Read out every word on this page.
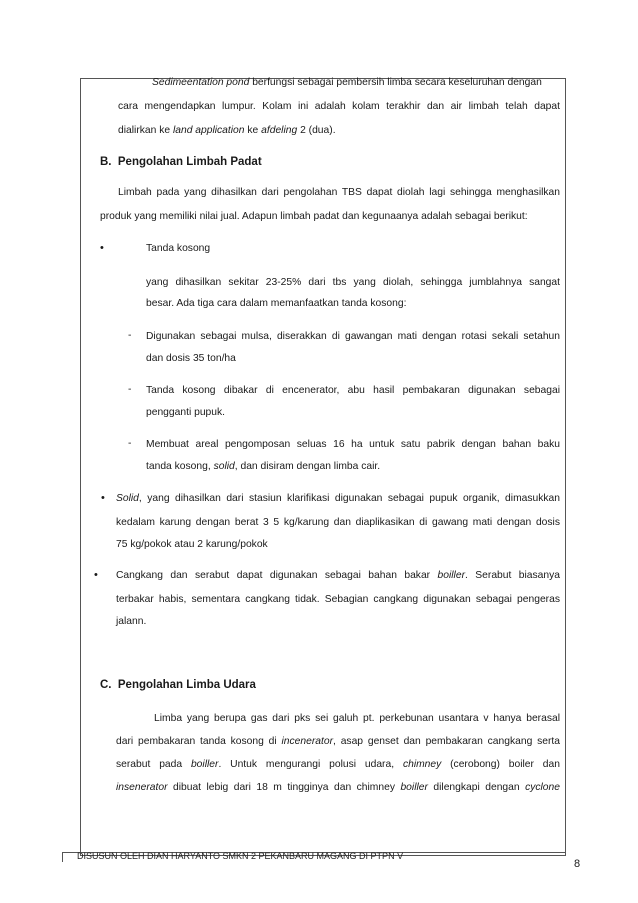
Sedimeentation pond berfungsi sebagai pembersih limba secara keseluruhan dengan
cara mengendapkan lumpur. Kolam ini adalah kolam terakhir dan air limbah telah dapat
dialirkan ke land application ke afdeling 2 (dua).
B.  Pengolahan Limbah Padat
Limbah pada yang dihasilkan dari pengolahan TBS dapat diolah lagi sehingga menghasilkan
produk yang memiliki nilai jual. Adapun limbah padat dan kegunaanya adalah sebagai berikut:
•	Tanda kosong
yang dihasilkan sekitar 23-25% dari tbs yang diolah, sehingga jumblahnya sangat
besar. Ada tiga cara dalam memanfaatkan tanda kosong:
- Digunakan sebagai mulsa, diserakkan di gawangan mati dengan rotasi sekali setahun
dan dosis 35 ton/ha
- Tanda kosong dibakar di encenerator, abu hasil pembakaran digunakan sebagai
pengganti pupuk.
- Membuat areal pengomposan seluas 16 ha untuk satu pabrik dengan bahan baku
tanda kosong, solid, dan disiram dengan limba cair.
• Solid, yang dihasilkan dari stasiun klarifikasi digunakan sebagai pupuk organik, dimasukkan
kedalam karung dengan berat 3 5 kg/karung dan diaplikasikan di gawang mati dengan dosis
75 kg/pokok atau 2 karung/pokok
• Cangkang dan serabut dapat digunakan sebagai bahan bakar boiller. Serabut biasanya
terbakar habis, sementara cangkang tidak. Sebagian cangkang digunakan sebagai pengeras
jalann.
C.  Pengolahan Limba Udara
Limba yang berupa gas dari pks sei galuh pt. perkebunan usantara v hanya berasal
dari pembakaran tanda kosong di incenerator, asap genset dan pembakaran cangkang serta
serabut pada boiller. Untuk mengurangi polusi udara, chimney (cerobong) boiler dan
insenerator dibuat lebig dari 18 m tingginya dan chimney boiller dilengkapi dengan cyclone
DISUSUN OLEH DIAN HARYANTO SMKN 2 PEKANBARU MAGANG DI PTPN V
8
